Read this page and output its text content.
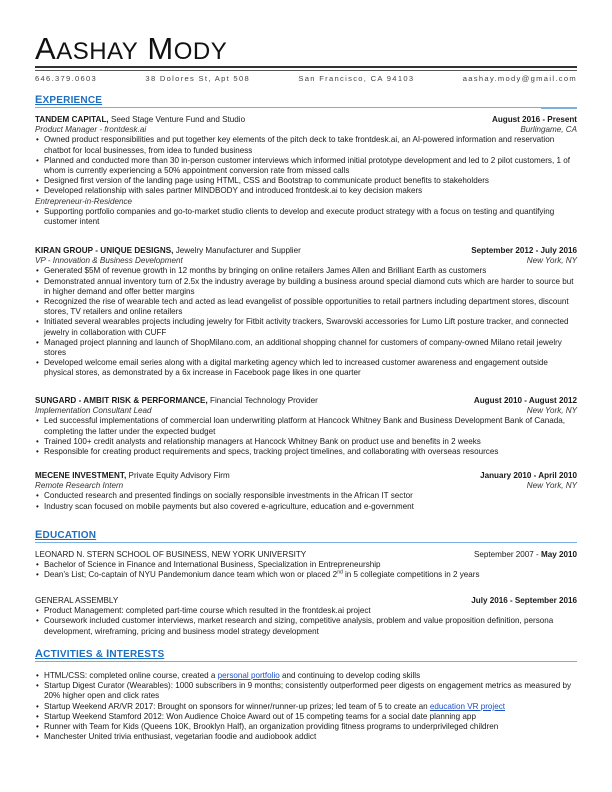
AASHAY MODY
646.379.0603	38 Dolores St, Apt 508	San Francisco, CA 94103	aashay.mody@gmail.com
EXPERIENCE
TANDEM CAPITAL, Seed Stage Venture Fund and Studio	August 2016 - Present
Product Manager - frontdesk.ai	Burlingame, CA
• Owned product responsibilities and put together key elements of the pitch deck to take frontdesk.ai, an AI-powered information and reservation chatbot for local businesses, from idea to funded business
• Planned and conducted more than 30 in-person customer interviews which informed initial prototype development and led to 2 pilot customers, 1 of whom is currently experiencing a 50% appointment conversion rate from missed calls
• Designed first version of the landing page using HTML, CSS and Bootstrap to communicate product benefits to stakeholders
• Developed relationship with sales partner MINDBODY and introduced frontdesk.ai to key decision makers
Entrepreneur-in-Residence
• Supporting portfolio companies and go-to-market studio clients to develop and execute product strategy with a focus on testing and quantifying customer intent
KIRAN GROUP - UNIQUE DESIGNS, Jewelry Manufacturer and Supplier	September 2012 - July 2016
VP - Innovation & Business Development	New York, NY
• Generated $5M of revenue growth in 12 months by bringing on online retailers James Allen and Brilliant Earth as customers
• Demonstrated annual inventory turn of 2.5x the industry average by building a business around special diamond cuts which are harder to source but in higher demand and offer better margins
• Recognized the rise of wearable tech and acted as lead evangelist of possible opportunities to retail partners including department stores, discount stores, TV retailers and online retailers
• Initiated several wearables projects including jewelry for Fitbit activity trackers, Swarovski accessories for Lumo Lift posture tracker, and connected jewelry in collaboration with CUFF
• Managed project planning and launch of ShopMilano.com, an additional shopping channel for customers of company-owned Milano retail jewelry stores
• Developed welcome email series along with a digital marketing agency which led to increased customer awareness and engagement outside physical stores, as demonstrated by a 6x increase in Facebook page likes in one quarter
SUNGARD - AMBIT RISK & PERFORMANCE, Financial Technology Provider	August 2010 - August 2012
Implementation Consultant Lead	New York, NY
• Led successful implementations of commercial loan underwriting platform at Hancock Whitney Bank and Business Development Bank of Canada, completing the latter under the expected budget
• Trained 100+ credit analysts and relationship managers at Hancock Whitney Bank on product use and benefits in 2 weeks
• Responsible for creating product requirements and specs, tracking project timelines, and collaborating with overseas resources
MECENE INVESTMENT, Private Equity Advisory Firm	January 2010 - April 2010
Remote Research Intern	New York, NY
• Conducted research and presented findings on socially responsible investments in the African IT sector
• Industry scan focused on mobile payments but also covered e-agriculture, education and e-government
EDUCATION
LEONARD N. STERN SCHOOL OF BUSINESS, NEW YORK UNIVERSITY	September 2007 - May 2010
• Bachelor of Science in Finance and International Business, Specialization in Entrepreneurship
• Dean’s List; Co-captain of NYU Pandemonium dance team which won or placed 2nd in 5 collegiate competitions in 2 years
GENERAL ASSEMBLY	July 2016 - September 2016
• Product Management: completed part-time course which resulted in the frontdesk.ai project
• Coursework included customer interviews, market research and sizing, competitive analysis, problem and value proposition definition, persona development, wireframing, pricing and business model strategy development
ACTIVITIES & INTERESTS
• HTML/CSS: completed online course, created a personal portfolio and continuing to develop coding skills
• Startup Digest Curator (Wearables): 1000 subscribers in 9 months; consistently outperformed peer digests on engagement metrics as measured by 20% higher open and click rates
• Startup Weekend AR/VR 2017: Brought on sponsors for winner/runner-up prizes; led team of 5 to create an education VR project
• Startup Weekend Stamford 2012: Won Audience Choice Award out of 15 competing teams for a social date planning app
• Runner with Team for Kids (Queens 10K, Brooklyn Half), an organization providing fitness programs to underprivileged children
• Manchester United trivia enthusiast, vegetarian foodie and audiobook addict
